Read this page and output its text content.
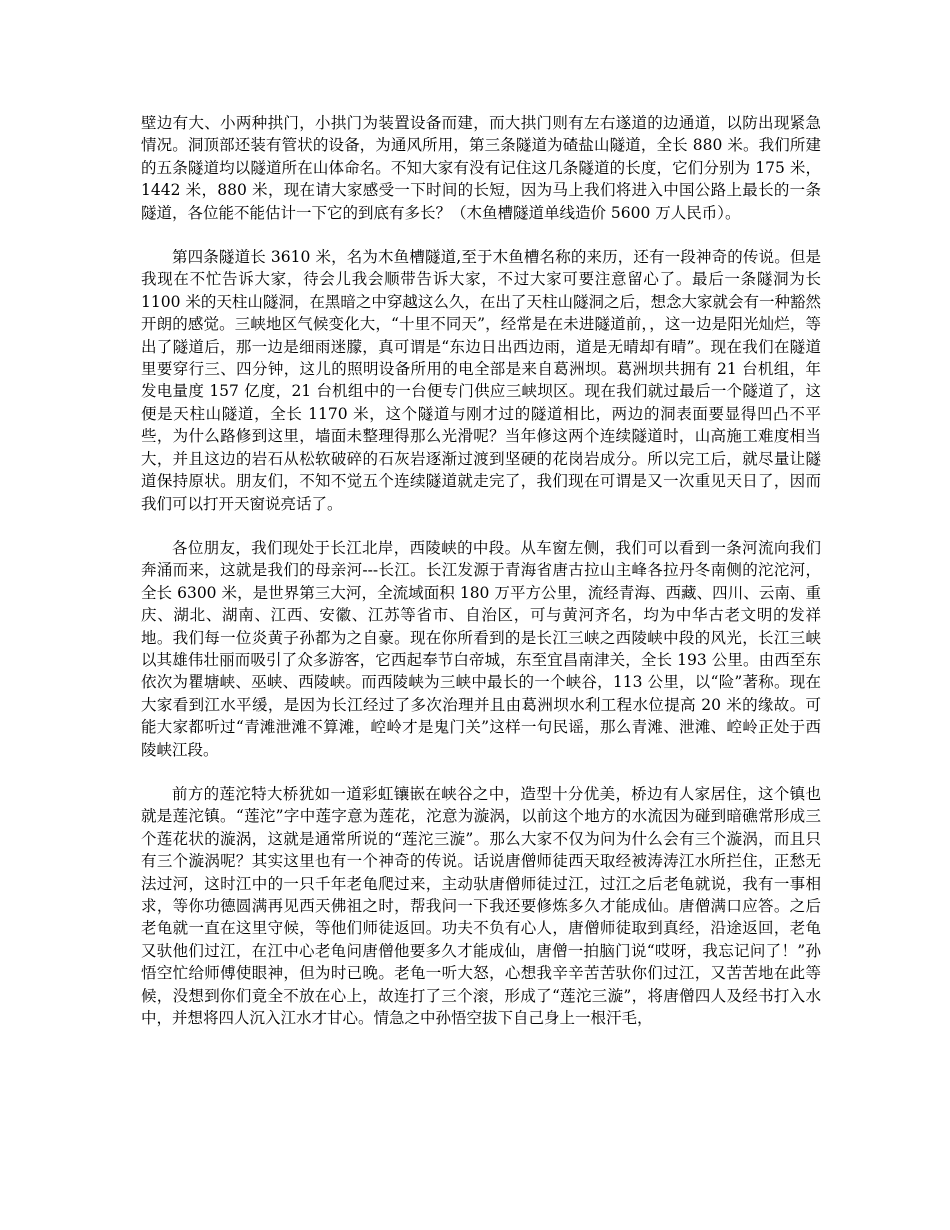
壁边有大、小两种拱门，小拱门为装置设备而建，而大拱门则有左右遂道的边通道，以防出现紧急情况。洞顶部还装有管状的设备，为通风所用，第三条隧道为碴盐山隧道，全长 880 米。我们所建的五条隧道均以隧道所在山体命名。不知大家有没有记住这几条隧道的长度，它们分别为 175 米，1442 米，880 米，现在请大家感受一下时间的长短，因为马上我们将进入中国公路上最长的一条隧道，各位能不能估计一下它的到底有多长？（木鱼槽隧道单线造价 5600 万人民币）。

第四条隧道长 3610 米，名为木鱼槽隧道,至于木鱼槽名称的来历，还有一段神奇的传说。但是我现在不忙告诉大家，待会儿我会顺带告诉大家，不过大家可要注意留心了。最后一条隧洞为长 1100 米的天柱山隧洞，在黑暗之中穿越这么久，在出了天柱山隧洞之后，想念大家就会有一种豁然开朗的感觉。三峡地区气候变化大，“十里不同天”，经常是在未进隧道前，，这一边是阳光灿烂，等出了隧道后，那一边是细雨迷朦，真可谓是“东边日出西边雨，道是无晴却有晴”。现在我们在隧道里要穿行三、四分钟，这儿的照明设备所用的电全部是来自葛洲坝。葛洲坝共拥有 21 台机组，年发电量度 157 亿度，21 台机组中的一台便专门供应三峡坝区。现在我们就过最后一个隧道了，这便是天柱山隧道，全长 1170 米，这个隧道与刚才过的隧道相比，两边的洞表面要显得凹凸不平些，为什么路修到这里，墙面未整理得那么光滑呢？当年修这两个连续隧道时，山高施工难度相当大，并且这边的岩石从松软破碎的石灰岩逐渐过渡到坚硬的花岗岩成分。所以完工后，就尽量让隧道保持原状。朋友们，不知不觉五个连续隧道就走完了，我们现在可谓是又一次重见天日了，因而我们可以打开天窗说亮话了。

各位朋友，我们现处于长江北岸，西陵峡的中段。从车窗左侧，我们可以看到一条河流向我们奔涌而来，这就是我们的母亲河---长江。长江发源于青海省唐古拉山主峰各拉丹冬南侧的沱沱河，全长 6300 米，是世界第三大河，全流域面积 180 万平方公里，流经青海、西藏、四川、云南、重庆、湖北、湖南、江西、安徽、江苏等省市、自治区，可与黄河齐名，均为中华古老文明的发祥地。我们每一位炎黄子孙都为之自豪。现在你所看到的是长江三峡之西陵峡中段的风光，长江三峡以其雄伟壮丽而吸引了众多游客，它西起奉节白帝城，东至宜昌南津关，全长 193 公里。由西至东依次为瞿塘峡、巫峡、西陵峡。而西陵峡为三峡中最长的一个峡谷，113 公里，以“险”著称。现在大家看到江水平缓，是因为长江经过了多次治理并且由葛洲坝水利工程水位提高 20 米的缘故。可能大家都听过“青滩泄滩不算滩，崆岭才是鬼门关”这样一句民谣，那么青滩、泄滩、崆岭正处于西陵峡江段。

前方的莲沱特大桥犹如一道彩虹镶嵌在峡谷之中，造型十分优美，桥边有人家居住，这个镇也就是莲沱镇。“莲沱”字中莲字意为莲花，沱意为漩涡，以前这个地方的水流因为碰到暗礁常形成三个莲花状的漩涡，这就是通常所说的“莲沱三漩”。那么大家不仅为问为什么会有三个漩涡，而且只有三个漩涡呢？其实这里也有一个神奇的传说。话说唐僧师徒西天取经被涛涛江水所拦住，正愁无法过河，这时江中的一只千年老龟爬过来，主动驮唐僧师徒过江，过江之后老龟就说，我有一事相求，等你功德圆满再见西天佛祖之时，帮我问一下我还要修炼多久才能成仙。唐僧满口应答。之后老龟就一直在这里守候，等他们师徒返回。功夫不负有心人，唐僧师徒取到真经，沿途返回，老龟又驮他们过江，在江中心老龟问唐僧他要多久才能成仙，唐僧一拍脑门说“哎呀，我忘记问了！”孙悟空忙给师傅使眼神，但为时已晚。老龟一听大怒，心想我辛辛苦苦驮你们过江，又苦苦地在此等候，没想到你们竟全不放在心上，故连打了三个滚，形成了“莲沱三漩”，将唐僧四人及经书打入水中，并想将四人沉入江水才甘心。情急之中孙悟空拔下自己身上一根汗毛，
